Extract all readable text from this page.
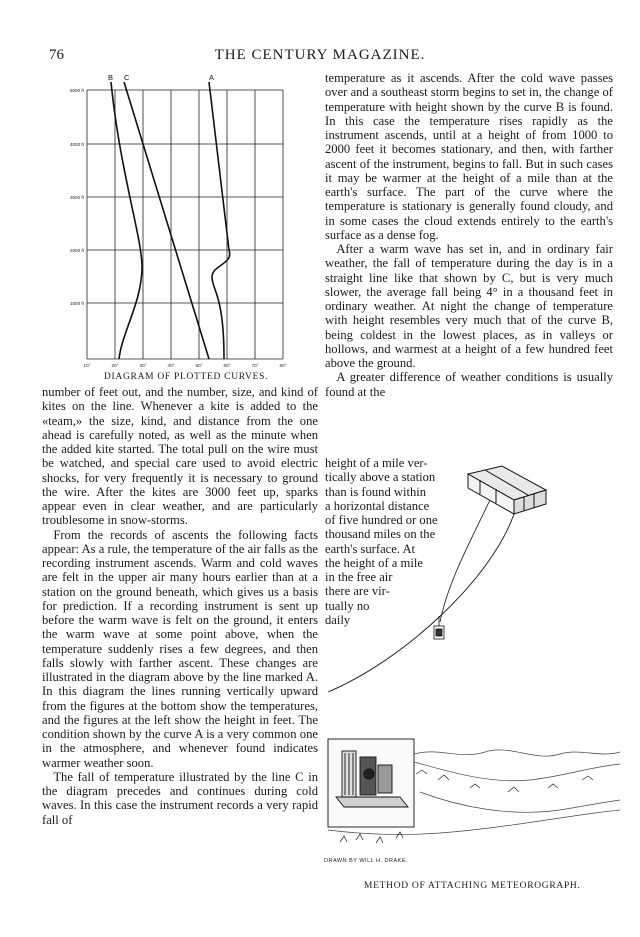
76	THE CENTURY MAGAZINE.
B C	A
5000 ft
4000 ft
3000 ft
2000 ft
1000 ft
10°	20°	30°	40°	50°	60°	70°	80°
DIAGRAM OF PLOTTED CURVES.

number of feet out, and the number, size, and kind of kites on the line. Whenever a kite is added to the «team,» the size, kind, and distance from the one ahead is carefully noted, as well as the minute when the added kite started. The total pull on the wire must be watched, and special care used to avoid electric shocks, for very frequently it is necessary to ground the wire. After the kites are 3000 feet up, sparks appear even in clear weather, and are particularly troublesome in snow-storms.

From the records of ascents the following facts appear: As a rule, the temperature of the air falls as the recording instrument ascends. Warm and cold waves are felt in the upper air many hours earlier than at a station on the ground beneath, which gives us a basis for prediction. If a recording instrument is sent up before the warm wave is felt on the ground, it enters the warm wave at some point above, when the temperature suddenly rises a few degrees, and then falls slowly with farther ascent. These changes are illustrated in the diagram above by the line marked A. In this diagram the lines running vertically upward from the figures at the bottom show the temperatures, and the figures at the left show the height in feet. The condition shown by the curve A is a very common one in the atmosphere, and whenever found indicates warmer weather soon.

The fall of temperature illustrated by the line C in the diagram precedes and continues during cold waves. In this case the instrument records a very rapid fall of

temperature as it ascends. After the cold wave passes over and a southeast storm begins to set in, the change of temperature with height shown by the curve B is found. In this case the temperature rises rapidly as the instrument ascends, until at a height of from 1000 to 2000 feet it becomes stationary, and then, with farther ascent of the instrument, begins to fall. But in such cases it may be warmer at the height of a mile than at the earth's surface. The part of the curve where the temperature is stationary is generally found cloudy, and in some cases the cloud extends entirely to the earth's surface as a dense fog.

After a warm wave has set in, and in ordinary fair weather, the fall of temperature during the day is in a straight line like that shown by C, but is very much slower, the average fall being 4° in a thousand feet in ordinary weather. At night the change of temperature with height resembles very much that of the curve B, being coldest in the lowest places, as in valleys or hollows, and warmest at a height of a few hundred feet above the ground.

A greater difference of weather conditions is usually found at the

height of a mile ver-
tically above a station
than is found within
a horizontal distance
of five hundred or one
thousand miles on the
earth's surface. At
the height of a mile
in the free air
there are vir-
tually no
daily
DRAWN BY WILL H. DRAKE.
METHOD OF ATTACHING METEOROGRAPH.
